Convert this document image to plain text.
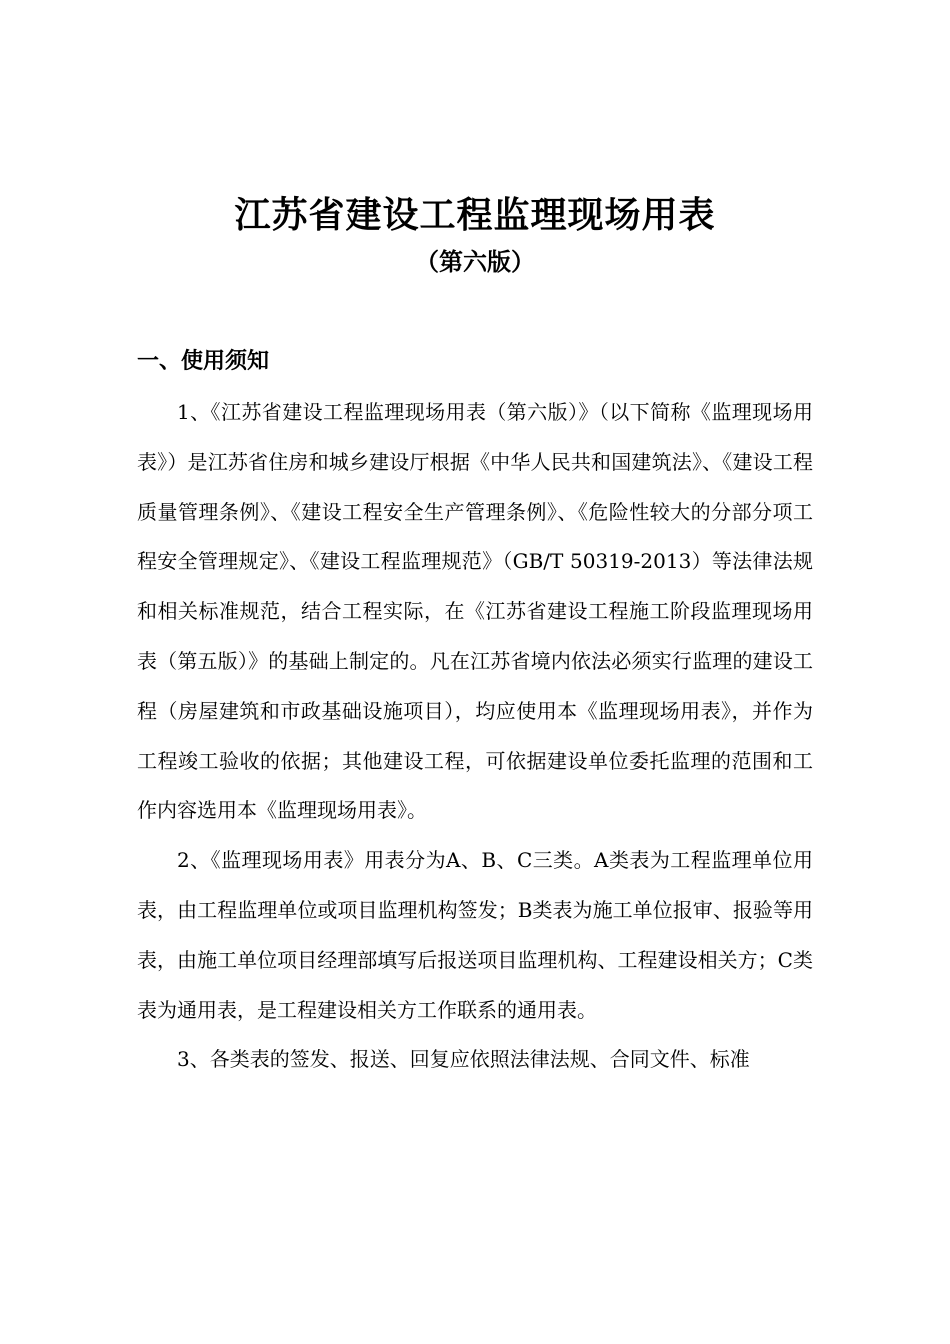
江苏省建设工程监理现场用表
（第六版）
一、使用须知

1、《江苏省建设工程监理现场用表（第六版）》（以下简称《监理现场用表》）是江苏省住房和城乡建设厅根据《中华人民共和国建筑法》、《建设工程质量管理条例》、《建设工程安全生产管理条例》、《危险性较大的分部分项工程安全管理规定》、《建设工程监理规范》（GB/T 50319-2013）等法律法规和相关标准规范，结合工程实际，在《江苏省建设工程施工阶段监理现场用表（第五版）》的基础上制定的。凡在江苏省境内依法必须实行监理的建设工程（房屋建筑和市政基础设施项目），均应使用本《监理现场用表》，并作为工程竣工验收的依据；其他建设工程，可依据建设单位委托监理的范围和工作内容选用本《监理现场用表》。

2、《监理现场用表》用表分为A、B、C三类。A类表为工程监理单位用表，由工程监理单位或项目监理机构签发；B类表为施工单位报审、报验等用表，由施工单位项目经理部填写后报送项目监理机构、工程建设相关方；C类表为通用表，是工程建设相关方工作联系的通用表。

3、各类表的签发、报送、回复应依照法律法规、合同文件、标准
